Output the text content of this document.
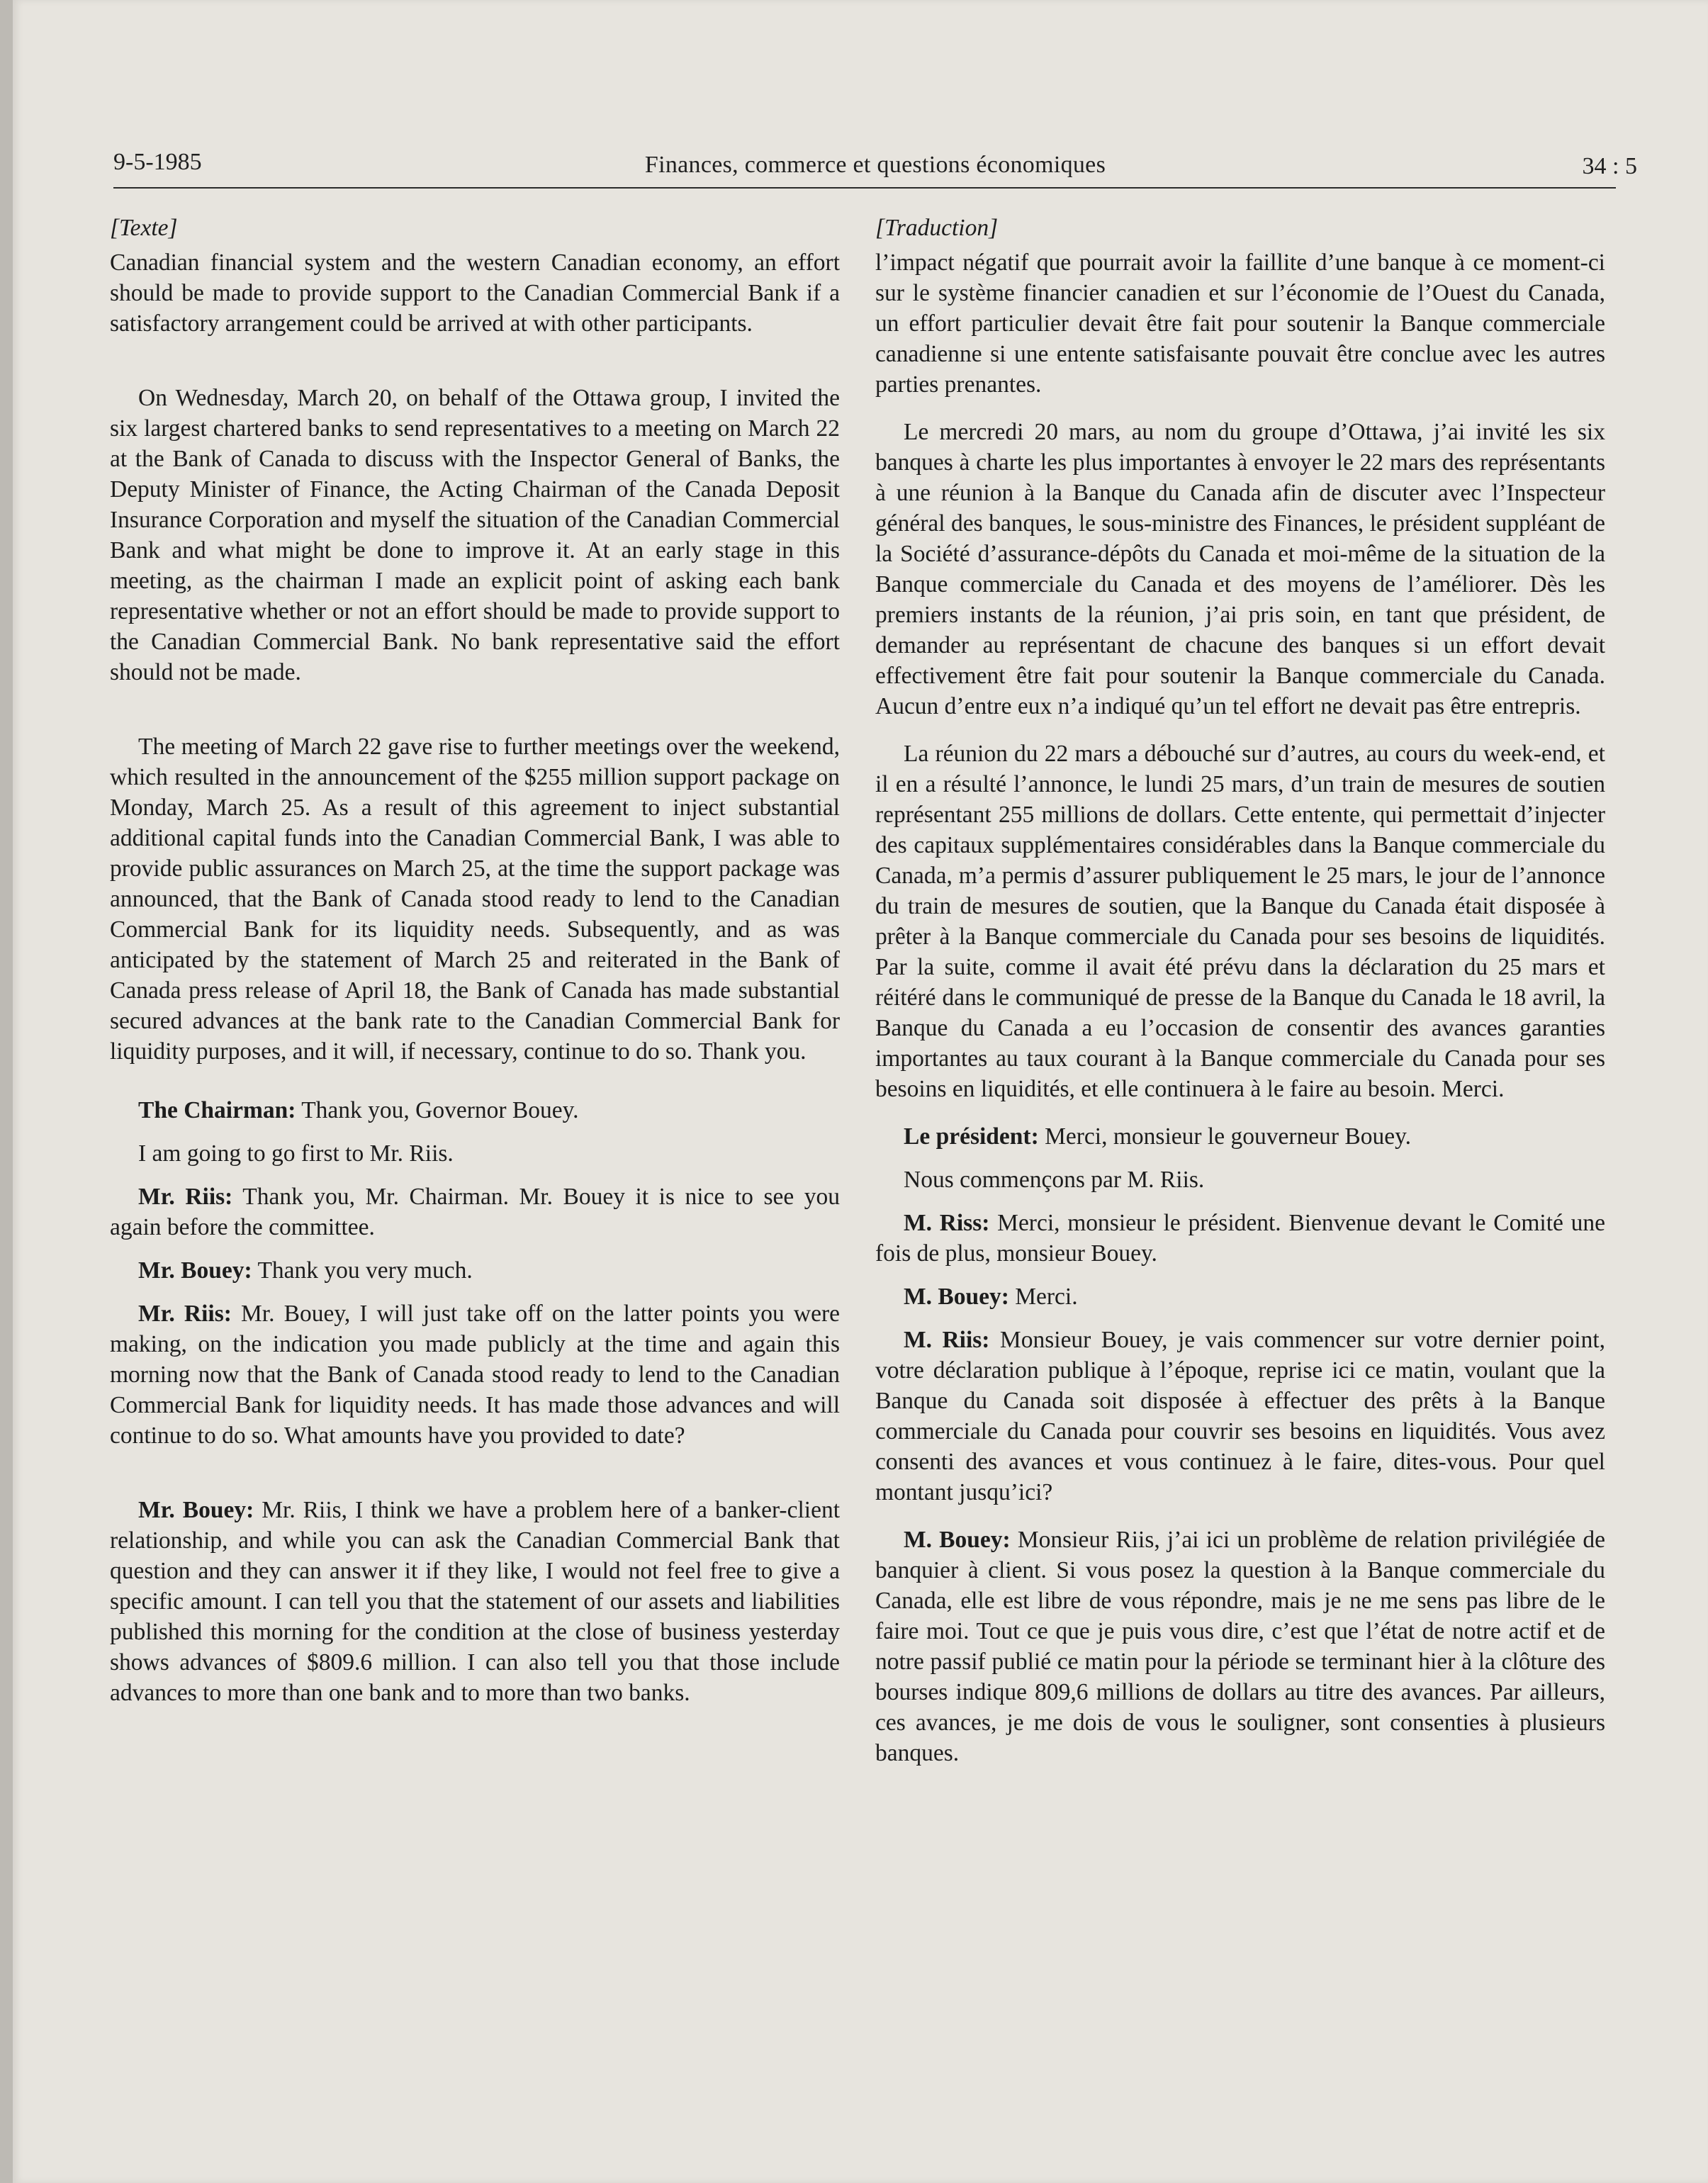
9-5-1985	Finances, commerce et questions économiques	34 : 5

[Texte]

Canadian financial system and the western Canadian economy, an effort should be made to provide support to the Canadian Commercial Bank if a satisfactory arrangement could be arrived at with other participants.

On Wednesday, March 20, on behalf of the Ottawa group, I invited the six largest chartered banks to send representatives to a meeting on March 22 at the Bank of Canada to discuss with the Inspector General of Banks, the Deputy Minister of Finance, the Acting Chairman of the Canada Deposit Insurance Corporation and myself the situation of the Canadian Commercial Bank and what might be done to improve it. At an early stage in this meeting, as the chairman I made an explicit point of asking each bank representative whether or not an effort should be made to provide support to the Canadian Commercial Bank. No bank representative said the effort should not be made.

The meeting of March 22 gave rise to further meetings over the weekend, which resulted in the announcement of the $255 million support package on Monday, March 25. As a result of this agreement to inject substantial additional capital funds into the Canadian Commercial Bank, I was able to provide public assurances on March 25, at the time the support package was announced, that the Bank of Canada stood ready to lend to the Canadian Commercial Bank for its liquidity needs. Subsequently, and as was anticipated by the statement of March 25 and reiterated in the Bank of Canada press release of April 18, the Bank of Canada has made substantial secured advances at the bank rate to the Canadian Commercial Bank for liquidity purposes, and it will, if necessary, continue to do so. Thank you.

The Chairman: Thank you, Governor Bouey.

I am going to go first to Mr. Riis.

Mr. Riis: Thank you, Mr. Chairman. Mr. Bouey it is nice to see you again before the committee.

Mr. Bouey: Thank you very much.

Mr. Riis: Mr. Bouey, I will just take off on the latter points you were making, on the indication you made publicly at the time and again this morning now that the Bank of Canada stood ready to lend to the Canadian Commercial Bank for liquidity needs. It has made those advances and will continue to do so. What amounts have you provided to date?

Mr. Bouey: Mr. Riis, I think we have a problem here of a banker-client relationship, and while you can ask the Canadian Commercial Bank that question and they can answer it if they like, I would not feel free to give a specific amount. I can tell you that the statement of our assets and liabilities published this morning for the condition at the close of business yesterday shows advances of $809.6 million. I can also tell you that those include advances to more than one bank and to more than two banks.

[Traduction]

l’impact négatif que pourrait avoir la faillite d’une banque à ce moment-ci sur le système financier canadien et sur l’économie de l’Ouest du Canada, un effort particulier devait être fait pour soutenir la Banque commerciale canadienne si une entente satisfaisante pouvait être conclue avec les autres parties prenantes.

Le mercredi 20 mars, au nom du groupe d’Ottawa, j’ai invité les six banques à charte les plus importantes à envoyer le 22 mars des représentants à une réunion à la Banque du Canada afin de discuter avec l’Inspecteur général des banques, le sous-ministre des Finances, le président suppléant de la Société d’assurance-dépôts du Canada et moi-même de la situation de la Banque commerciale du Canada et des moyens de l’améliorer. Dès les premiers instants de la réunion, j’ai pris soin, en tant que président, de demander au représentant de chacune des banques si un effort devait effectivement être fait pour soutenir la Banque commerciale du Canada. Aucun d’entre eux n’a indiqué qu’un tel effort ne devait pas être entrepris.

La réunion du 22 mars a débouché sur d’autres, au cours du week-end, et il en a résulté l’annonce, le lundi 25 mars, d’un train de mesures de soutien représentant 255 millions de dollars. Cette entente, qui permettait d’injecter des capitaux supplémentaires considérables dans la Banque commerciale du Canada, m’a permis d’assurer publiquement le 25 mars, le jour de l’annonce du train de mesures de soutien, que la Banque du Canada était disposée à prêter à la Banque commerciale du Canada pour ses besoins de liquidités. Par la suite, comme il avait été prévu dans la déclaration du 25 mars et réitéré dans le communiqué de presse de la Banque du Canada le 18 avril, la Banque du Canada a eu l’occasion de consentir des avances garanties importantes au taux courant à la Banque commerciale du Canada pour ses besoins en liquidités, et elle continuera à le faire au besoin. Merci.

Le président: Merci, monsieur le gouverneur Bouey.

Nous commençons par M. Riis.

M. Riss: Merci, monsieur le président. Bienvenue devant le Comité une fois de plus, monsieur Bouey.

M. Bouey: Merci.

M. Riis: Monsieur Bouey, je vais commencer sur votre dernier point, votre déclaration publique à l’époque, reprise ici ce matin, voulant que la Banque du Canada soit disposée à effectuer des prêts à la Banque commerciale du Canada pour couvrir ses besoins en liquidités. Vous avez consenti des avances et vous continuez à le faire, dites-vous. Pour quel montant jusqu’ici?

M. Bouey: Monsieur Riis, j’ai ici un problème de relation privilégiée de banquier à client. Si vous posez la question à la Banque commerciale du Canada, elle est libre de vous répondre, mais je ne me sens pas libre de le faire moi. Tout ce que je puis vous dire, c’est que l’état de notre actif et de notre passif publié ce matin pour la période se terminant hier à la clôture des bourses indique 809,6 millions de dollars au titre des avances. Par ailleurs, ces avances, je me dois de vous le souligner, sont consenties à plusieurs banques.
